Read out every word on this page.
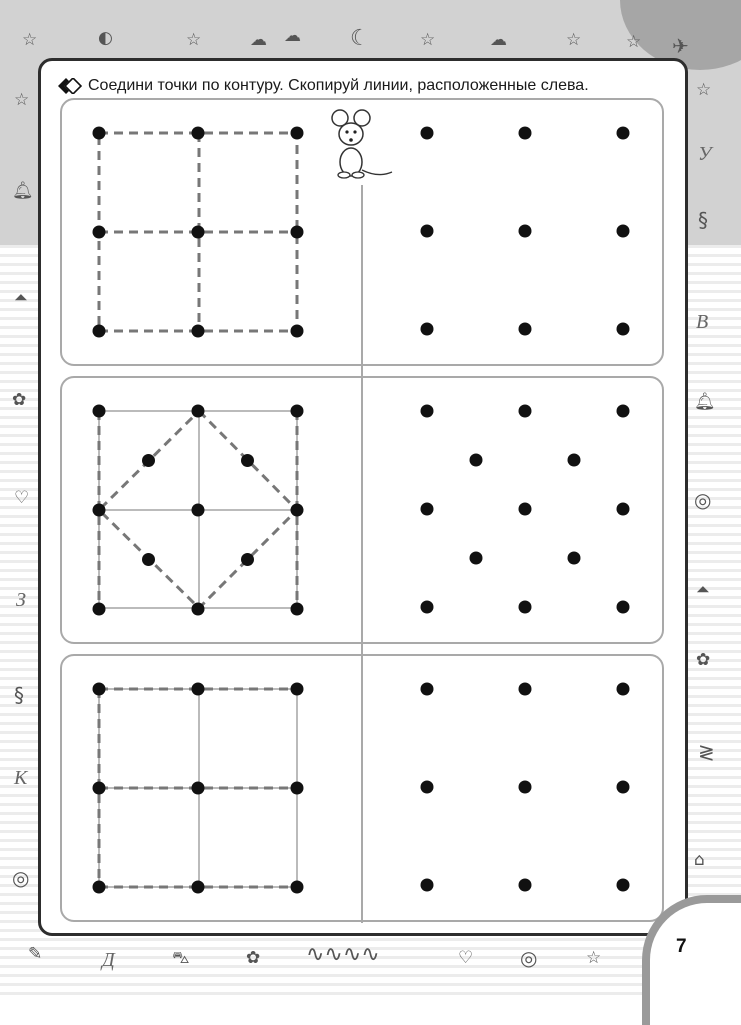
☆	◐	☆	☁ ☁ ☾	☆	☁	☆	☆ ✈
☆
🔔︎
⏶
✿
♡
З
§
К
◎
☆
У
§
В
🔔︎
◎
⏶
✿
≷
⌂
✎	Д	⛍	✿ ∿∿∿∿	♡ ◎	☆
Соедини точки по контуру. Скопируй линии, расположенные слева.
7
